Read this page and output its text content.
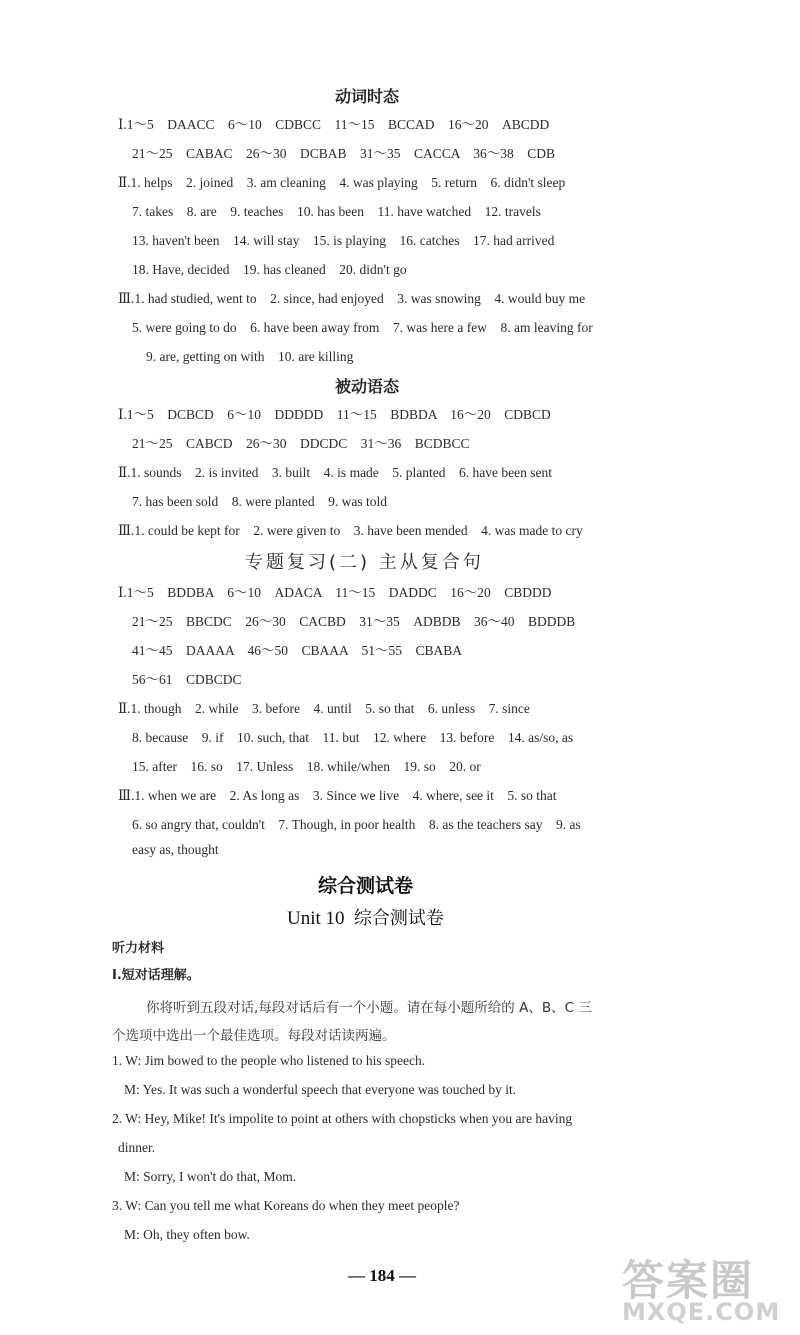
动词时态
Ⅰ.1～5　DAACC　6～10　CDBCC　11～15　BCCAD　16～20　ABCDD
21～25　CABAC　26～30　DCBAB　31～35　CACCA　36～38　CDB
Ⅱ.1. helps　2. joined　3. am cleaning　4. was playing　5. return　6. didn't sleep
7. takes　8. are　9. teaches　10. has been　11. have watched　12. travels
13. haven't been　14. will stay　15. is playing　16. catches　17. had arrived
18. Have, decided　19. has cleaned　20. didn't go
Ⅲ.1. had studied, went to　2. since, had enjoyed　3. was snowing　4. would buy me
5. were going to do　6. have been away from　7. was here a few　8. am leaving for
9. are, getting on with　10. are killing
被动语态
Ⅰ.1～5　DCBCD　6～10　DDDDD　11～15　BDBDA　16～20　CDBCD
21～25　CABCD　26～30　DDCDC　31～36　BCDBCC
Ⅱ.1. sounds　2. is invited　3. built　4. is made　5. planted　6. have been sent
7. has been sold　8. were planted　9. was told
Ⅲ.1. could be kept for　2. were given to　3. have been mended　4. was made to cry
专题复习(二) 主从复合句
Ⅰ.1～5　BDDBA　6～10　ADACA　11～15　DADDC　16～20　CBDDD
21～25　BBCDC　26～30　CACBD　31～35　ADBDB　36～40　BDDDB
41～45　DAAAA　46～50　CBAAA　51～55　CBABA
56～61　CDBCDC
Ⅱ.1. though　2. while　3. before　4. until　5. so that　6. unless　7. since
8. because　9. if　10. such, that　11. but　12. where　13. before　14. as/so, as
15. after　16. so　17. Unless　18. while/when　19. so　20. or
Ⅲ.1. when we are　2. As long as　3. Since we live　4. where, see it　5. so that
6. so angry that, couldn't　7. Though, in poor health　8. as the teachers say　9. as
easy as, thought
综合测试卷
Unit 10 综合测试卷
听力材料
Ⅰ.短对话理解。
你将听到五段对话,每段对话后有一个小题。请在每小题所给的 A、B、C 三
个选项中选出一个最佳选项。每段对话读两遍。
1. W: Jim bowed to the people who listened to his speech.
M: Yes. It was such a wonderful speech that everyone was touched by it.
2. W: Hey, Mike! It's impolite to point at others with chopsticks when you are having
dinner.
M: Sorry, I won't do that, Mom.
3. W: Can you tell me what Koreans do when they meet people?
M: Oh, they often bow.
— 184 —	答案圈
MXQE.COM
